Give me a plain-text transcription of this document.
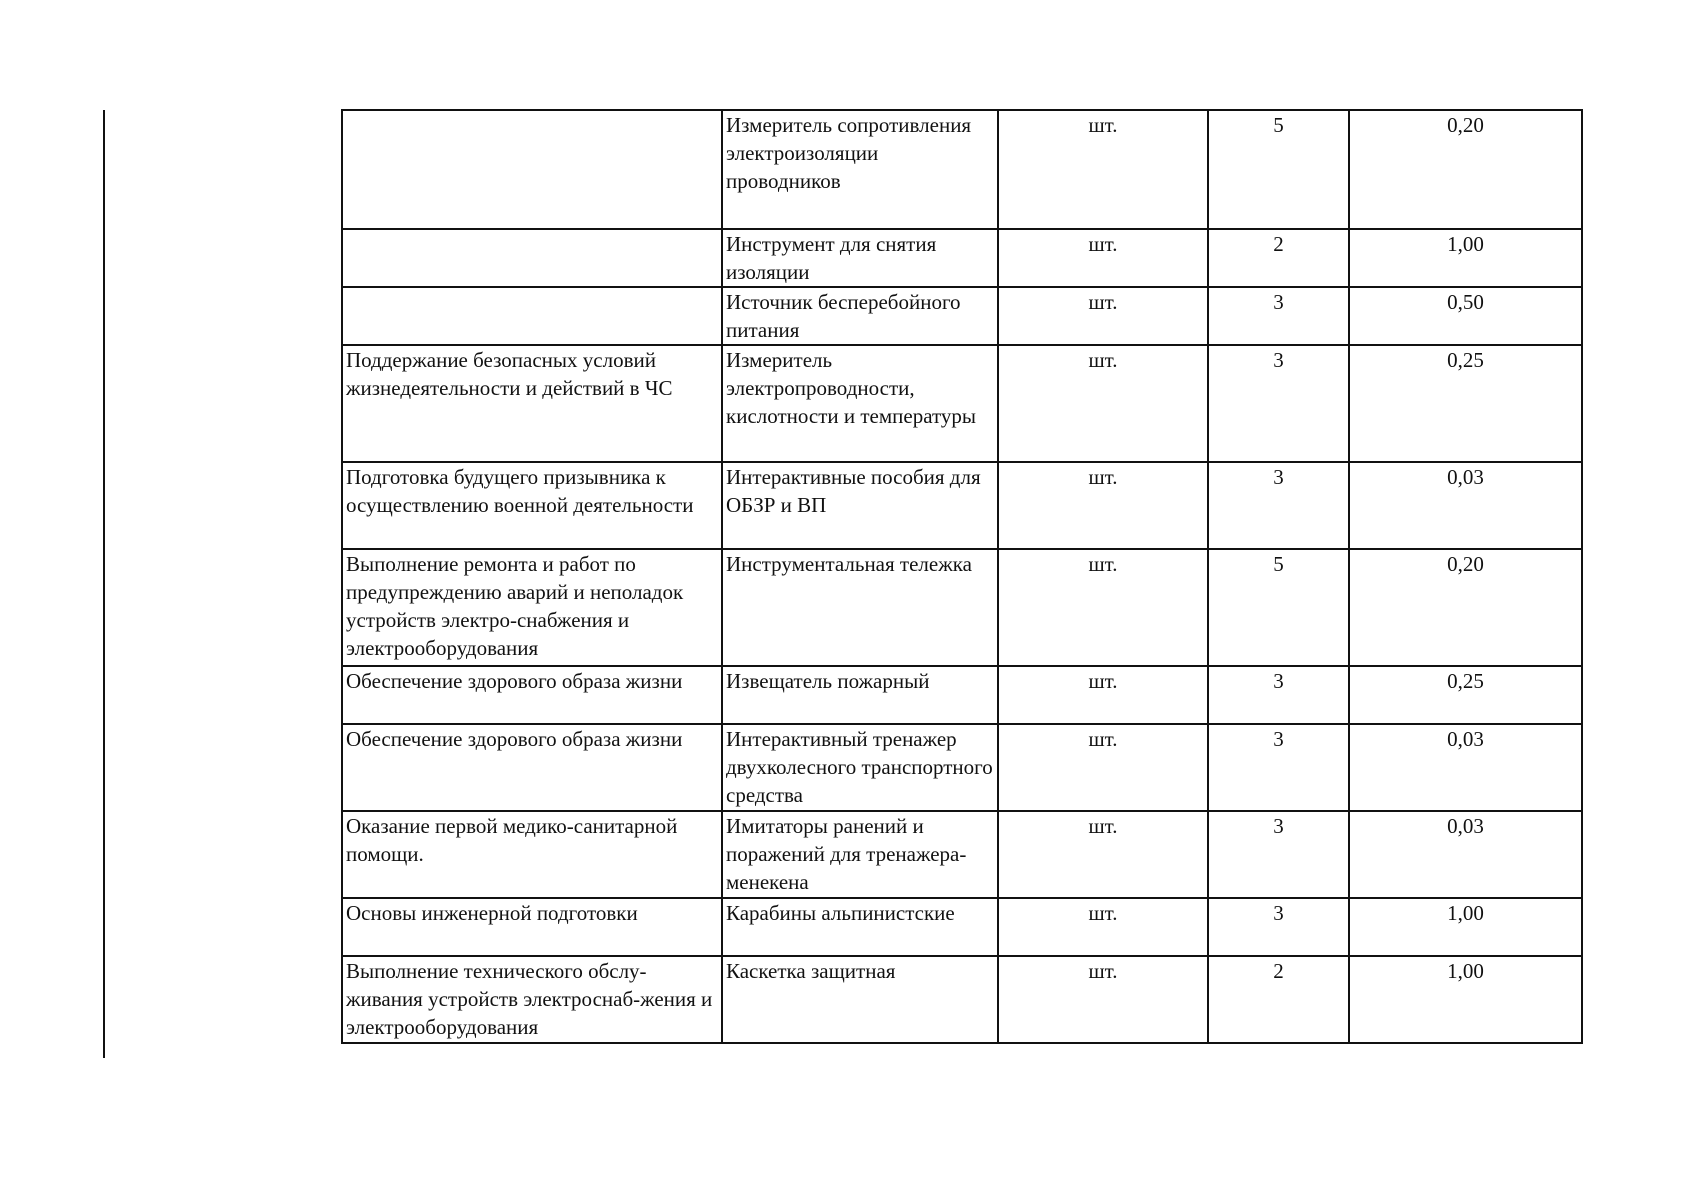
	Измеритель сопротивления электроизоляции проводников	шт.	5	0,20
	Инструмент для снятия изоляции	шт.	2	1,00
	Источник бесперебойного питания	шт.	3	0,50
Поддержание безопасных условий жизнедеятельности и действий в ЧС	Измеритель электропроводности, кислотности и температуры	шт.	3	0,25
Подготовка будущего призывника к осуществлению военной деятельности	Интерактивные пособия для ОБЗР и ВП	шт.	3	0,03
Выполнение ремонта и работ по предупреждению аварий и неполадок устройств электро-снабжения и электрооборудования	Инструментальная тележка	шт.	5	0,20
Обеспечение здорового образа жизни	Извещатель пожарный	шт.	3	0,25
Обеспечение здорового образа жизни	Интерактивный тренажер двухколесного транспортного средства	шт.	3	0,03
Оказание первой медико-санитарной помощи.	Имитаторы ранений и поражений для тренажера-менекена	шт.	3	0,03
Основы инженерной подготовки	Карабины альпинистские	шт.	3	1,00
Выполнение технического обслу-живания устройств электроснаб-жения и электрооборудования	Каскетка защитная	шт.	2	1,00
